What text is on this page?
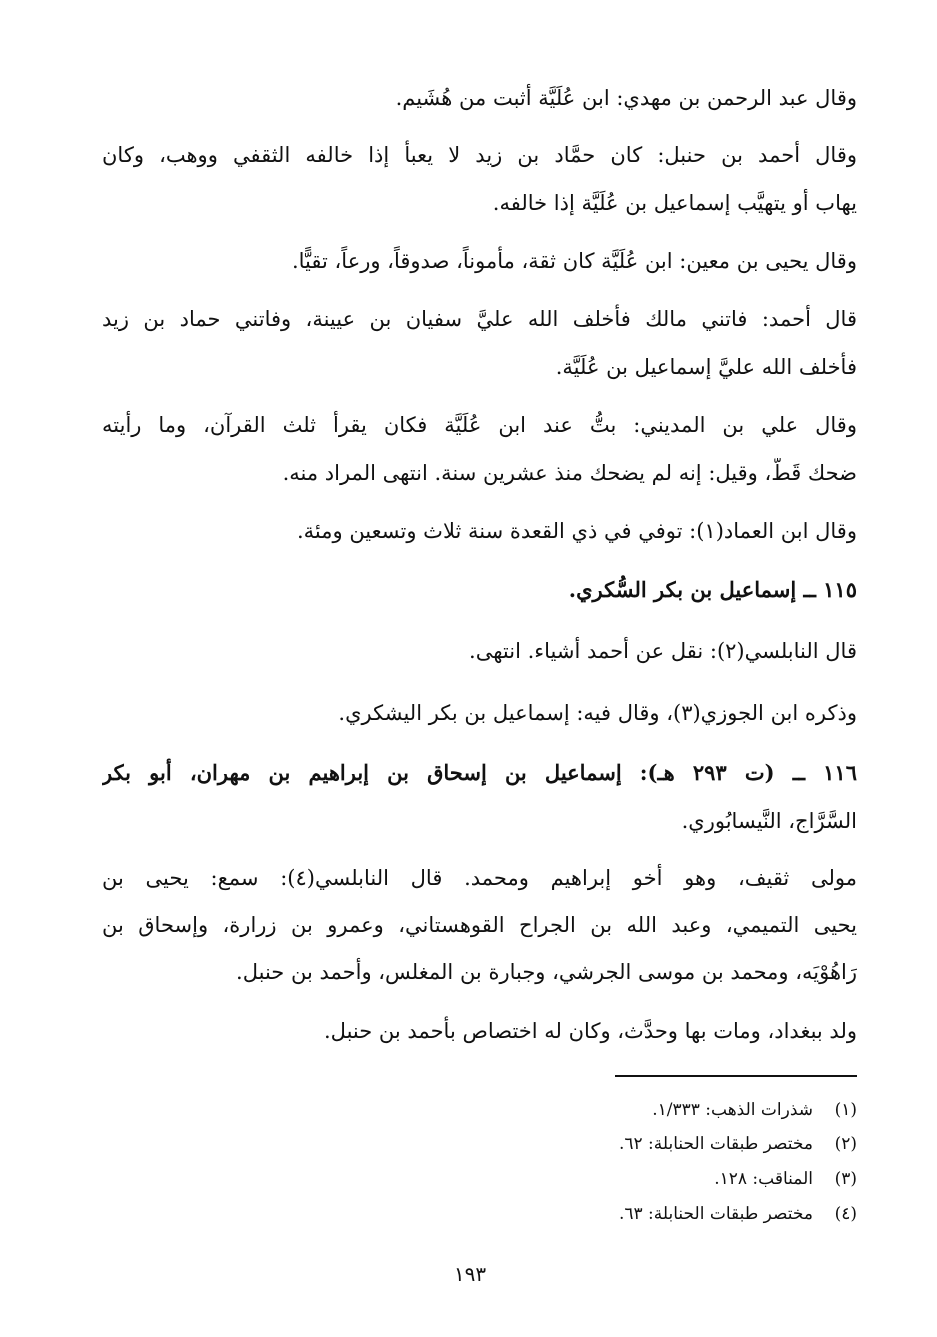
وقال عبد الرحمن بن مهدي: ابن عُلَيَّة أثبت من هُشَيم.
وقال أحمد بن حنبل: كان حمَّاد بن زيد لا يعبأ إذا خالفه الثقفي ووهب، وكان
يهاب أو يتهيَّب إسماعيل بن عُلَيَّة إذا خالفه.
وقال يحيى بن معين: ابن عُلَيَّة كان ثقة، مأموناً، صدوقاً، ورعاً، تقيًّا.
قال أحمد: فاتني مالك فأخلف الله عليَّ سفيان بن عيينة، وفاتني حماد بن زيد
فأخلف الله عليَّ إسماعيل بن عُلَيَّة.
وقال علي بن المديني: بتُّ عند ابن عُلَيَّة فكان يقرأ ثلث القرآن، وما رأيته
ضحك قَطُّ، وقيل: إنه لم يضحك منذ عشرين سنة. انتهى المراد منه.
وقال ابن العماد(١): توفي في ذي القعدة سنة ثلاث وتسعين ومئة.
١١٥ ــ إسماعيل بن بكر السُّكري.
قال النابلسي(٢): نقل عن أحمد أشياء. انتهى.
وذكره ابن الجوزي(٣)، وقال فيه: إسماعيل بن بكر اليشكري.
١١٦ ــ (ت ٢٩٣ هـ): إسماعيل بن إسحاق بن إبراهيم بن مهران، أبو بكر
السَّرَّاج، النَّيسابُوري.
مولى ثقيف، وهو أخو إبراهيم ومحمد. قال النابلسي(٤): سمع: يحيى بن
يحيى التميمي، وعبد الله بن الجراح القوهستاني، وعمرو بن زرارة، وإسحاق بن
رَاهُوْيَه، ومحمد بن موسى الجرشي، وجبارة بن المغلس، وأحمد بن حنبل.
ولد ببغداد، ومات بها وحدَّث، وكان له اختصاص بأحمد بن حنبل.
(١)شذرات الذهب: ١/٣٣٣.
(٢)مختصر طبقات الحنابلة: ٦٢.
(٣)المناقب: ١٢٨.
(٤)مختصر طبقات الحنابلة: ٦٣.
١٩٣
